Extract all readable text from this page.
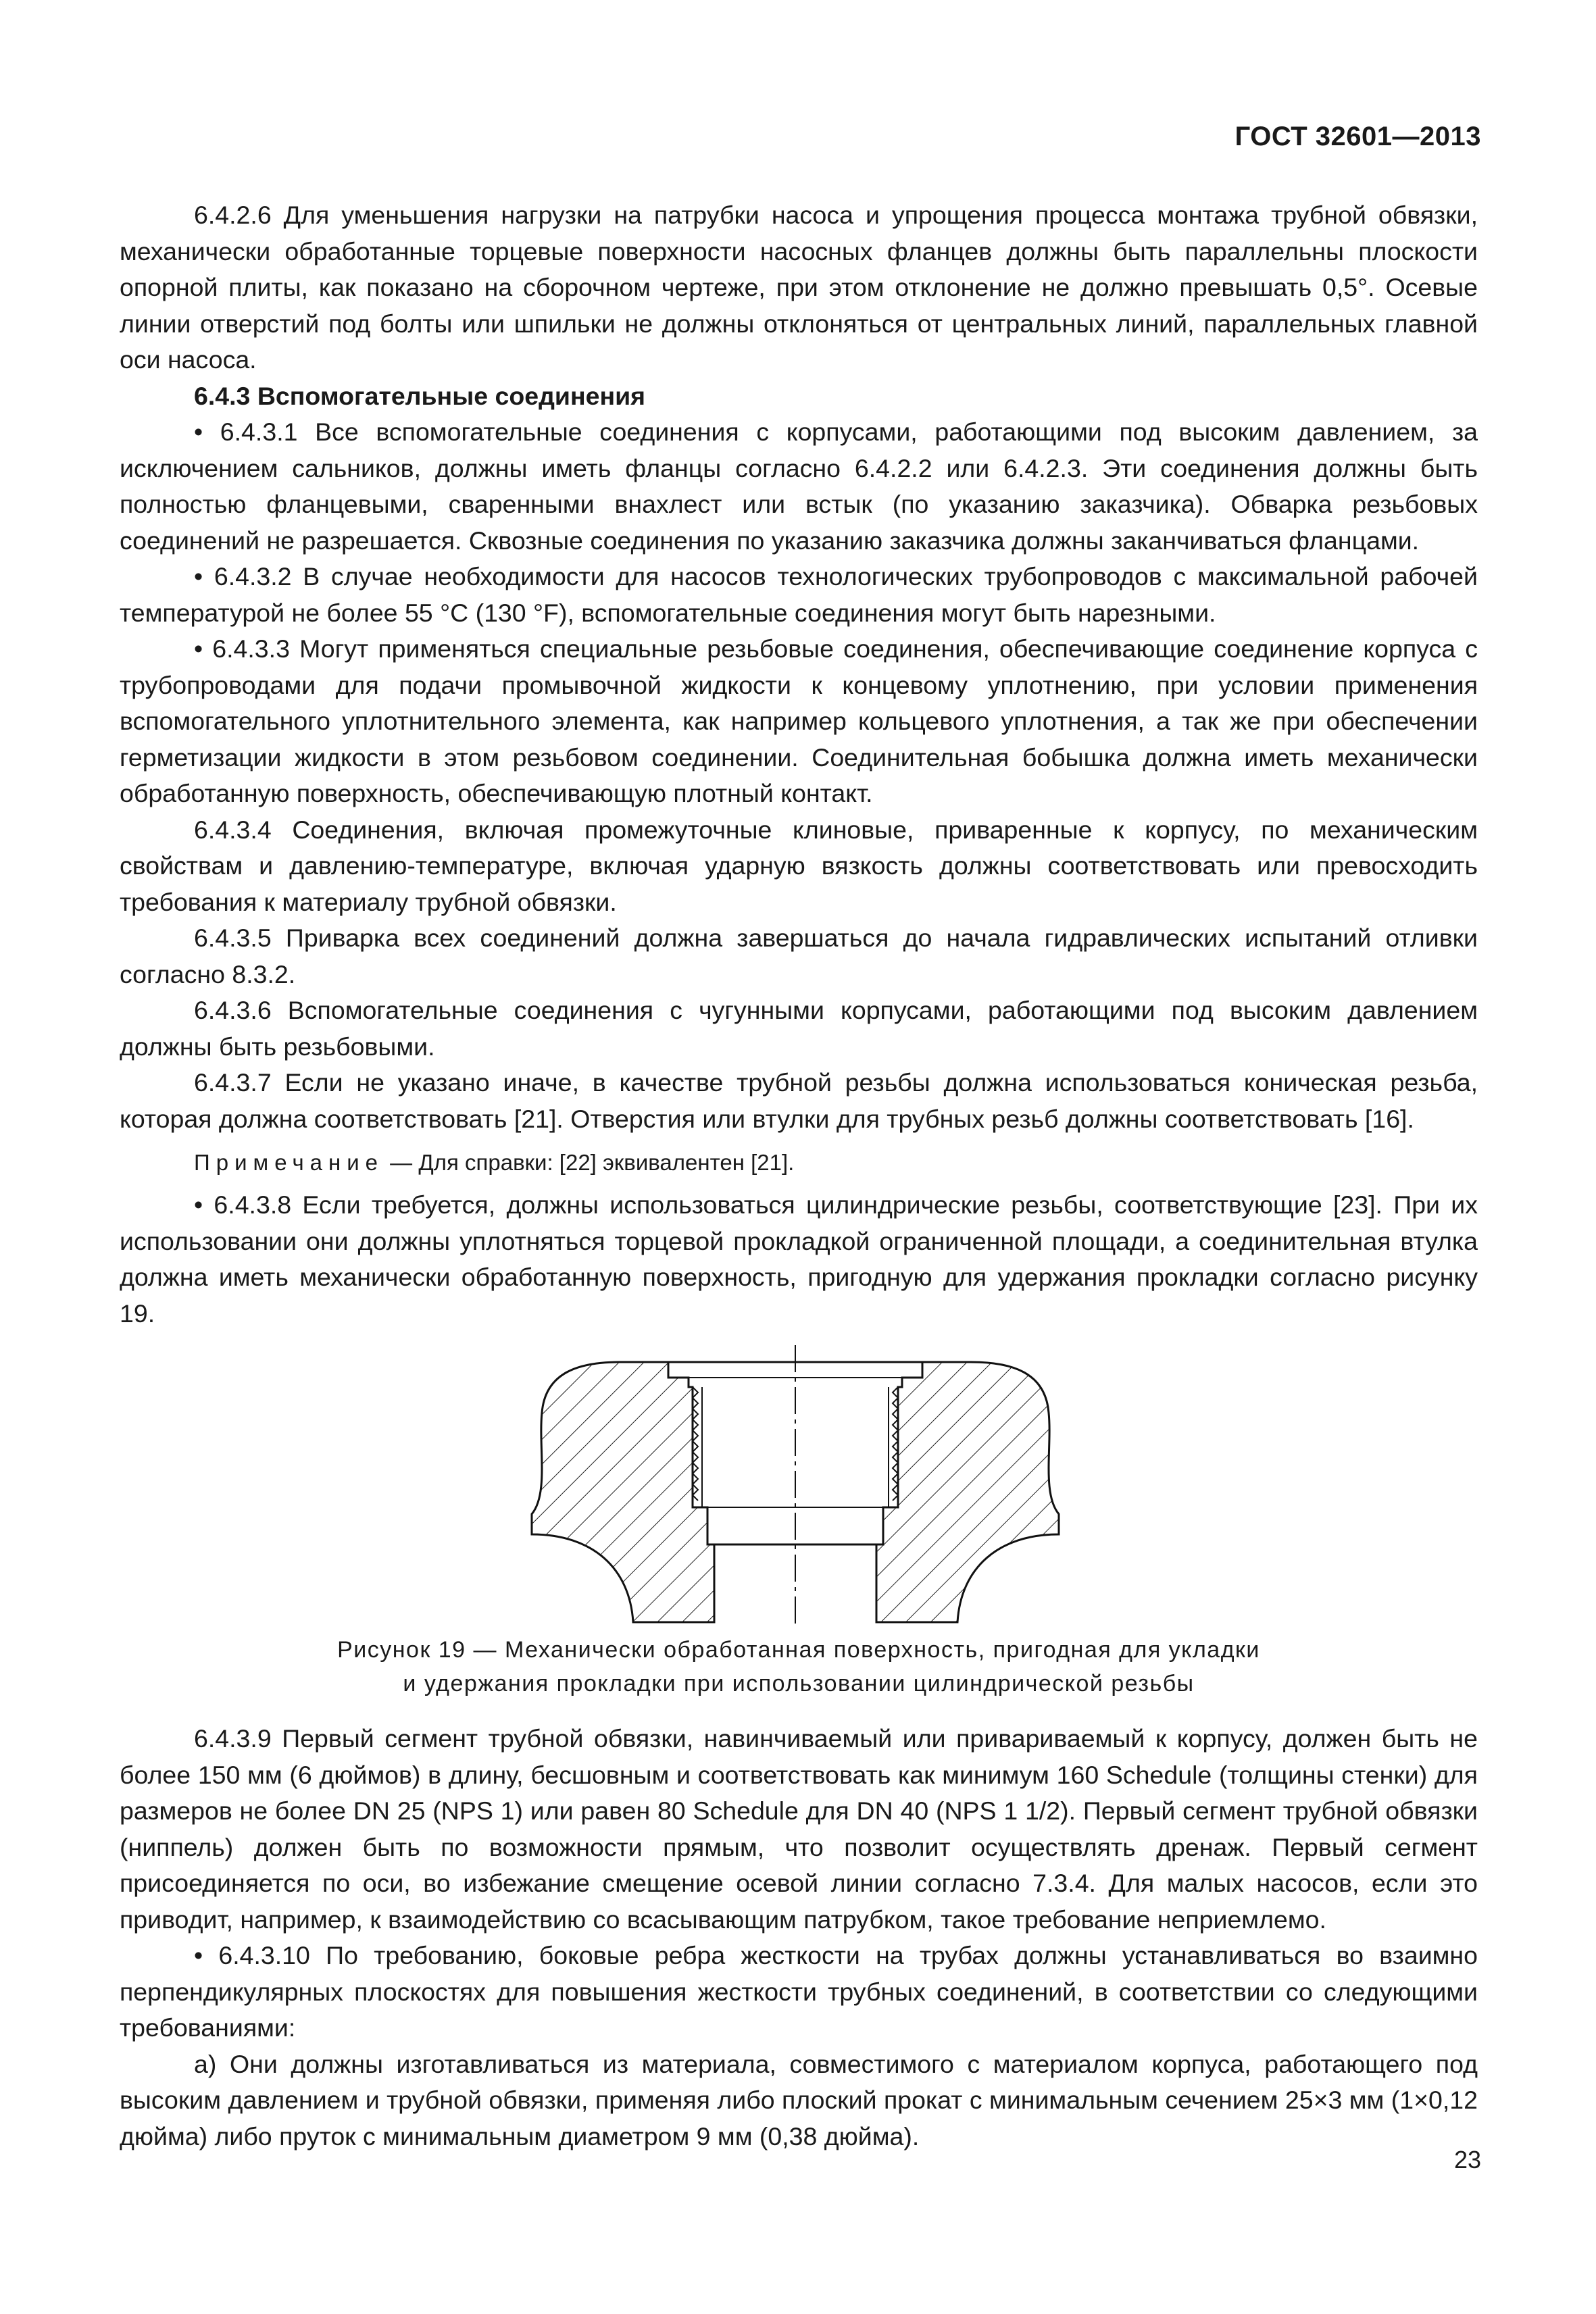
ГОСТ 32601—2013

6.4.2.6 Для уменьшения нагрузки на патрубки насоса и упрощения процесса монтажа трубной обвязки, механически обработанные торцевые поверхности насосных фланцев должны быть параллельны плоскости опорной плиты, как показано на сборочном чертеже, при этом отклонение не должно превышать 0,5°. Осевые линии отверстий под болты или шпильки не должны отклоняться от центральных линий, параллельных главной оси насоса.

6.4.3 Вспомогательные соединения

• 6.4.3.1 Все вспомогательные соединения с корпусами, работающими под высоким давлением, за исключением сальников, должны иметь фланцы согласно 6.4.2.2 или 6.4.2.3. Эти соединения должны быть полностью фланцевыми, сваренными внахлест или встык (по указанию заказчика). Обварка резьбовых соединений не разрешается. Сквозные соединения по указанию заказчика должны заканчиваться фланцами.

• 6.4.3.2 В случае необходимости для насосов технологических трубопроводов с максимальной рабочей температурой не более 55 °C (130 °F), вспомогательные соединения могут быть нарезными.

• 6.4.3.3 Могут применяться специальные резьбовые соединения, обеспечивающие соединение корпуса с трубопроводами для подачи промывочной жидкости к концевому уплотнению, при условии применения вспомогательного уплотнительного элемента, как например кольцевого уплотнения, а так же при обеспечении герметизации жидкости в этом резьбовом соединении. Соединительная бобышка должна иметь механически обработанную поверхность, обеспечивающую плотный контакт.

6.4.3.4 Соединения, включая промежуточные клиновые, приваренные к корпусу, по механическим свойствам и давлению-температуре, включая ударную вязкость должны соответствовать или превосходить требования к материалу трубной обвязки.

6.4.3.5 Приварка всех соединений должна завершаться до начала гидравлических испытаний отливки согласно 8.3.2.

6.4.3.6 Вспомогательные соединения с чугунными корпусами, работающими под высоким давлением должны быть резьбовыми.

6.4.3.7 Если не указано иначе, в качестве трубной резьбы должна использоваться коническая резьба, которая должна соответствовать [21]. Отверстия или втулки для трубных резьб должны соответствовать [16].

Примечание — Для справки: [22] эквивалентен [21].

• 6.4.3.8 Если требуется, должны использоваться цилиндрические резьбы, соответствующие [23]. При их использовании они должны уплотняться торцевой прокладкой ограниченной площади, а соединительная втулка должна иметь механически обработанную поверхность, пригодную для удержания прокладки согласно рисунку 19.

Рисунок 19 — Механически обработанная поверхность, пригодная для укладки
и удержания прокладки при использовании цилиндрической резьбы

6.4.3.9 Первый сегмент трубной обвязки, навинчиваемый или привариваемый к корпусу, должен быть не более 150 мм (6 дюймов) в длину, бесшовным и соответствовать как минимум 160 Schedule (толщины стенки) для размеров не более DN 25 (NPS 1) или равен 80 Schedule для DN 40 (NPS 1 1/2). Первый сегмент трубной обвязки (ниппель) должен быть по возможности прямым, что позволит осуществлять дренаж. Первый сегмент присоединяется по оси, во избежание смещение осевой линии согласно 7.3.4. Для малых насосов, если это приводит, например, к взаимодействию со всасывающим патрубком, такое требование неприемлемо.

• 6.4.3.10 По требованию, боковые ребра жесткости на трубах должны устанавливаться во взаимно перпендикулярных плоскостях для повышения жесткости трубных соединений, в соответствии со следующими требованиями:

а) Они должны изготавливаться из материала, совместимого с материалом корпуса, работающего под высоким давлением и трубной обвязки, применяя либо плоский прокат с минимальным сечением 25×3 мм (1×0,12 дюйма) либо пруток с минимальным диаметром 9 мм (0,38 дюйма).

23
